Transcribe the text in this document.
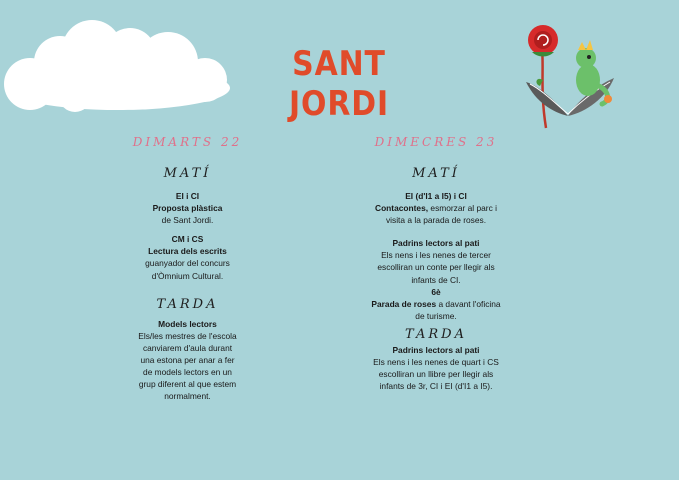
SANT JORDI
DIMARTS 22
MATÍ
EI i CI
Proposta plàstica
de Sant Jordi.
CM i CS
Lectura dels escrits
guanyador del concurs
d'Òmnium Cultural.
TARDA
Models lectors
Els/les mestres de l'escola
canviarem d'aula durant
una estona per anar a fer
de models lectors en un
grup diferent al que estem
normalment.
DIMECRES 23
MATÍ
EI (d'I1 a I5) i CI
Contacontes, esmorzar al parc i
visita a la parada de roses.
Padrins lectors al pati
Els nens i les nenes de tercer
escolliran un conte per llegir als
infants de CI.
6è
Parada de roses a davant l'oficina
de turisme.
TARDA
Padrins lectors al pati
Els nens i les nenes de quart i CS
escolliran un llibre per llegir als
infants de 3r, CI i EI (d'I1 a I5).
